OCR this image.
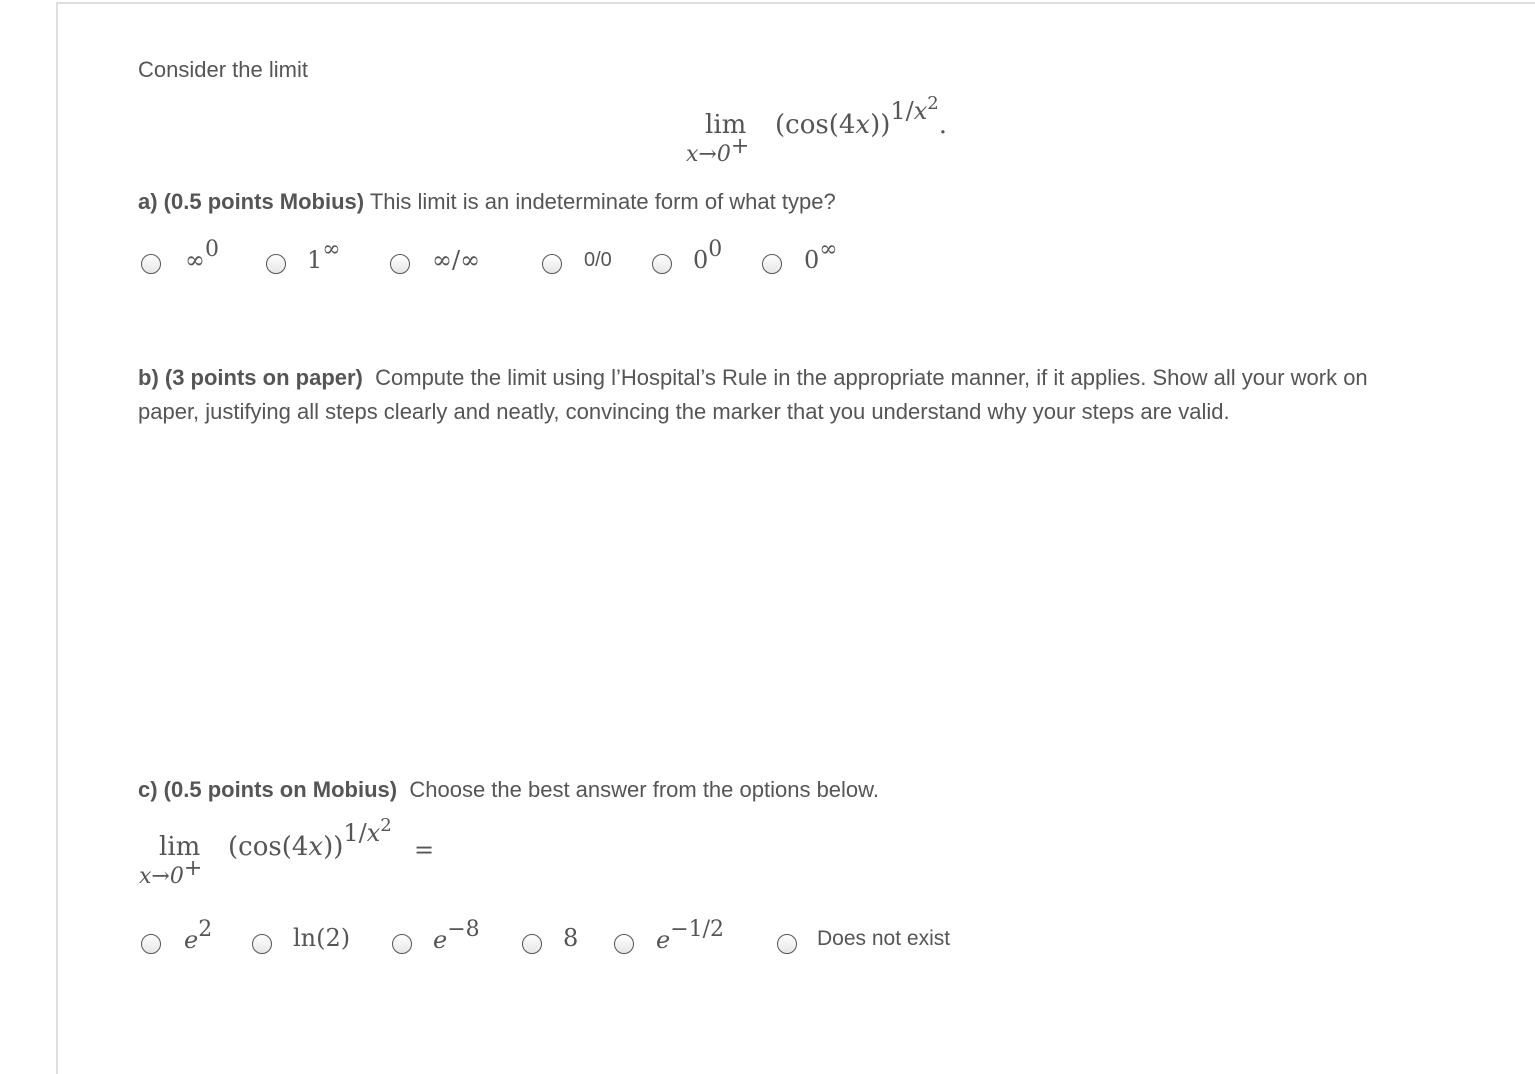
Consider the limit
lim
x→0+
$(\cos(4x))1/x^2$.
a) (0.5 points Mobius) This limit is an indeterminate form of what type?
∞0	1∞	∞/∞	0/0	00	0∞
b) (3 points on paper) Compute the limit using l’Hospital’s Rule in the appropriate manner, if it applies. Show all your work on
paper, justifying all steps clearly and neatly, convincing the marker that you understand why your steps are valid.
c) (0.5 points on Mobius) Choose the best answer from the options below.
lim
x→0+
$(\cos(4x))1/x^2$
=
e2	ln(2)	e−8	8	e−1/2	Does not exist
